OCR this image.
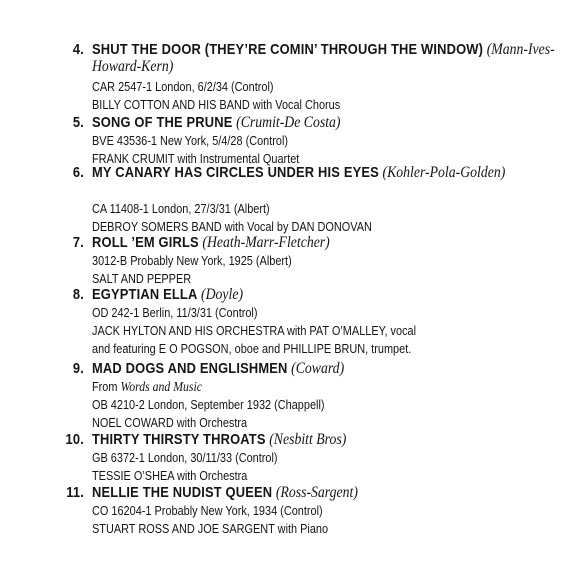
4. SHUT THE DOOR (THEY’RE COMIN’ THROUGH THE WINDOW) (Mann-Ives-Howard-Kern)
CAR 2547-1 London, 6/2/34 (Control)
BILLY COTTON AND HIS BAND with Vocal Chorus
5. SONG OF THE PRUNE (Crumit-De Costa)
BVE 43536-1 New York, 5/4/28 (Control)
FRANK CRUMIT with Instrumental Quartet
6. MY CANARY HAS CIRCLES UNDER HIS EYES (Kohler-Pola-Golden)
CA 11408-1 London, 27/3/31 (Albert)
DEBROY SOMERS BAND with Vocal by DAN DONOVAN
7. ROLL ’EM GIRLS (Heath-Marr-Fletcher)
3012-B Probably New York, 1925 (Albert)
SALT AND PEPPER
8. EGYPTIAN ELLA (Doyle)
OD 242-1 Berlin, 11/3/31 (Control)
JACK HYLTON AND HIS ORCHESTRA with PAT O’MALLEY, vocal
and featuring E O POGSON, oboe and PHILLIPE BRUN, trumpet.
9. MAD DOGS AND ENGLISHMEN (Coward)
From Words and Music
OB 4210-2 London, September 1932 (Chappell)
NOEL COWARD with Orchestra
10. THIRTY THIRSTY THROATS (Nesbitt Bros)
GB 6372-1 London, 30/11/33 (Control)
TESSIE O’SHEA with Orchestra
11. NELLIE THE NUDIST QUEEN (Ross-Sargent)
CO 16204-1 Probably New York, 1934 (Control)
STUART ROSS AND JOE SARGENT with Piano
